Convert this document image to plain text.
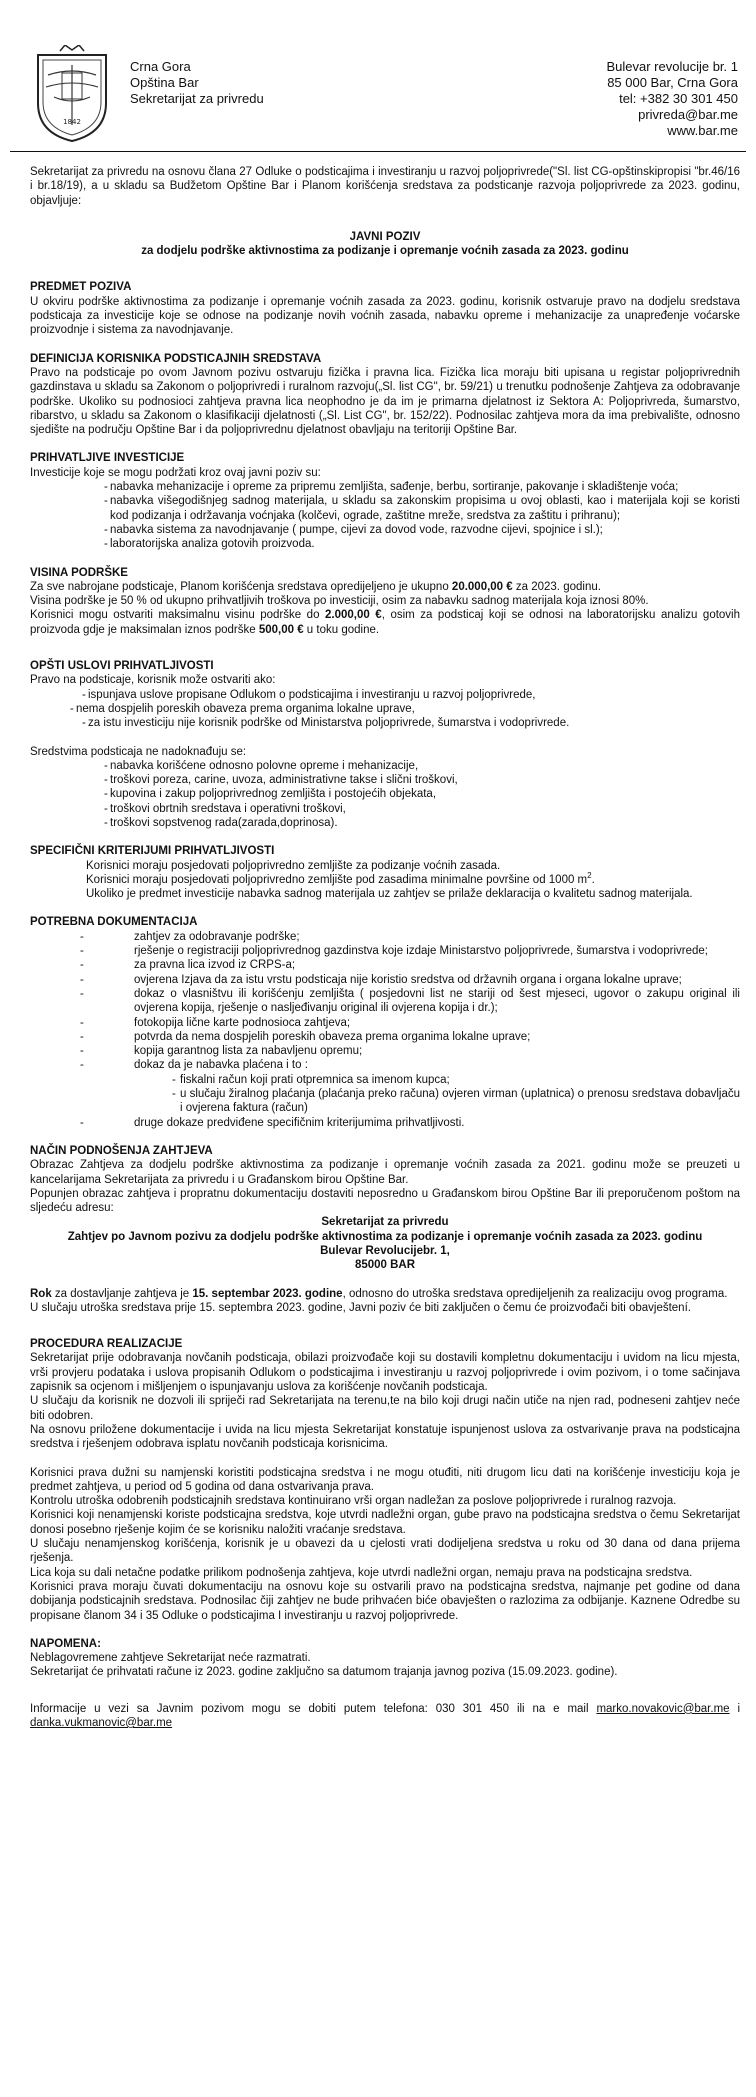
1842
Crna Gora
Opština Bar
Sekretarijat za privredu
Bulevar revolucije br. 1
85 000 Bar, Crna Gora
tel: +382 30 301 450
privreda@bar.me
www.bar.me

Sekretarijat za privredu na osnovu člana 27 Odluke o podsticajima i investiranju u razvoj poljoprivrede("Sl. list CG-opštinskipropisi "br.46/16 i br.18/19), a u skladu sa Budžetom Opštine Bar i Planom korišćenja sredstava za podsticanje razvoja poljoprivrede za 2023. godinu, objavljuje:

JAVNI POZIV

za dodjelu podrške aktivnostima za podizanje i opremanje voćnih zasada za 2023. godinu

PREDMET POZIVA

U okviru podrške aktivnostima za podizanje i opremanje voćnih zasada za 2023. godinu, korisnik ostvaruje pravo na dodjelu sredstava podsticaja za investicije koje se odnose na podizanje novih voćnih zasada, nabavku opreme i mehanizacije za unapređenje voćarske proizvodnje i sistema za navodnjavanje.

DEFINICIJA KORISNIKA PODSTICAJNIH SREDSTAVA

Pravo na podsticaje po ovom Javnom pozivu ostvaruju fizička i pravna lica. Fizička lica moraju biti upisana u registar poljoprivrednih gazdinstava u skladu sa Zakonom o poljoprivredi i ruralnom razvoju(„Sl. list CG", br. 59/21) u trenutku podnošenje Zahtjeva za odobravanje podrške. Ukoliko su podnosioci zahtjeva pravna lica neophodno je da im je primarna djelatnost iz Sektora A: Poljoprivreda, šumarstvo, ribarstvo, u skladu sa Zakonom o klasifikaciji djelatnosti („Sl. List CG", br. 152/22). Podnosilac zahtjeva mora da ima prebivalište, odnosno sjedište na području Opštine Bar i da poljoprivrednu djelatnost obavljaju na teritoriji Opštine Bar.

PRIHVATLJIVE INVESTICIJE

Investicije koje se mogu podržati kroz ovaj javni poziv su:

- nabavka mehanizacije i opreme za pripremu zemljišta, sađenje, berbu, sortiranje, pakovanje i skladištenje voća;
- nabavka višegodišnjeg sadnog materijala, u skladu sa zakonskim propisima u ovoj oblasti, kao i materijala koji se koristi kod podizanja i održavanja voćnjaka (kolčevi, ograde, zaštitne mreže, sredstva za zaštitu i prihranu);
- nabavka sistema za navodnjavanje ( pumpe, cijevi za dovod vode, razvodne cijevi, spojnice i sl.);
- laboratorijska analiza gotovih proizvoda.

VISINA PODRŠKE

Za sve nabrojane podsticaje, Planom korišćenja sredstava opredijeljeno je ukupno 20.000,00 € za 2023. godinu.

Visina podrške je 50 % od ukupno prihvatljivih troškova po investiciji, osim za nabavku sadnog materijala koja iznosi 80%.

Korisnici mogu ostvariti maksimalnu visinu podrške do 2.000,00 €, osim za podsticaj koji se odnosi na laboratorijsku analizu gotovih proizvoda gdje je maksimalan iznos podrške 500,00 € u toku godine.

OPŠTI USLOVI PRIHVATLJIVOSTI

Pravo na podsticaje, korisnik može ostvariti ako:

- ispunjava uslove propisane Odlukom o podsticajima i investiranju u razvoj poljoprivrede,
- nema dospjelih poreskih obaveza prema organima lokalne uprave,
- za istu investiciju nije korisnik podrške od Ministarstva poljoprivrede, šumarstva i vodoprivrede.

Sredstvima podsticaja ne nadoknađuju se:

- nabavka korišćene odnosno polovne opreme i mehanizacije,
- troškovi poreza, carine, uvoza, administrativne takse i slični troškovi,
- kupovina i zakup poljoprivrednog zemljišta i postojećih objekata,
- troškovi obrtnih sredstava i operativni troškovi,
- troškovi sopstvenog rada(zarada,doprinosa).

SPECIFIČNI KRITERIJUMI PRIHVATLJIVOSTI

Korisnici moraju posjedovati poljoprivredno zemljište za podizanje voćnih zasada.

Korisnici moraju posjedovati poljoprivredno zemljište pod zasadima minimalne površine od 1000 $m^2$.

Ukoliko je predmet investicije nabavka sadnog materijala uz zahtjev se prilaže deklaracija o kvalitetu sadnog materijala.

POTREBNA DOKUMENTACIJA

- zahtjev za odobravanje podrške;
- rješenje o registraciji poljoprivrednog gazdinstva koje izdaje Ministarstvo poljoprivrede, šumarstva i vodoprivrede;
- za pravna lica izvod iz CRPS-a;
- ovjerena Izjava da za istu vrstu podsticaja nije koristio sredstva od državnih organa i organa lokalne uprave;
- dokaz o vlasništvu ili korišćenju zemljišta ( posjedovni list ne stariji od šest mjeseci, ugovor o zakupu original ili ovjerena kopija, rješenje o nasljeđivanju original ili ovjerena kopija i dr.);
- fotokopija lične karte podnosioca zahtjeva;
- potvrda da nema dospjelih poreskih obaveza prema organima lokalne uprave;
- kopija garantnog lista za nabavljenu opremu;
- dokaz da je nabavka plaćena i to :
- fiskalni račun koji prati otpremnica sa imenom kupca;
- u slučaju žiralnog plaćanja (plaćanja preko računa) ovjeren virman (uplatnica) o prenosu sredstava dobavljaču i ovjerena faktura (račun)
- druge dokaze predviđene specifičnim kriterijumima prihvatljivosti.

NAČIN PODNOŠENJA ZAHTJEVA

Obrazac Zahtjeva za dodjelu podrške aktivnostima za podizanje i opremanje voćnih zasada za 2021. godinu može se preuzeti u kancelarijama Sekretarijata za privredu i u Građanskom birou Opštine Bar.

Popunjen obrazac zahtjeva i propratnu dokumentaciju dostaviti neposredno u Građanskom birou Opštine Bar ili preporučenom poštom na sljedeću adresu:

Sekretarijat za privredu

Zahtjev po Javnom pozivu za dodjelu podrške aktivnostima za podizanje i opremanje voćnih zasada za 2023. godinu

Bulevar Revolucijebr. 1,

85000 BAR

Rok za dostavljanje zahtjeva je 15. septembar 2023. godine, odnosno do utroška sredstava opredijeljenih za realizaciju ovog programa.

U slučaju utroška sredstava prije 15. septembra 2023. godine, Javni poziv će biti zaključen o čemu će proizvođači biti obavještení.

PROCEDURA REALIZACIJE

Sekretarijat prije odobravanja novčanih podsticaja, obilazi proizvođače koji su dostavili kompletnu dokumentaciju i uvidom na licu mjesta, vrši provjeru podataka i uslova propisanih Odlukom o podsticajima i investiranju u razvoj poljoprivrede i ovim pozivom, i o tome sačinjava zapisnik sa ocjenom i mišljenjem o ispunjavanju uslova za korišćenje novčanih podsticaja.

U slučaju da korisnik ne dozvoli ili spriječi rad Sekretarijata na terenu,te na bilo koji drugi način utiče na njen rad, podneseni zahtjev neće biti odobren.

Na osnovu priložene dokumentacije i uvida na licu mjesta Sekretarijat konstatuje ispunjenost uslova za ostvarivanje prava na podsticajna sredstva i rješenjem odobrava isplatu novčanih podsticaja korisnicima.

Korisnici prava dužni su namjenski koristiti podsticajna sredstva i ne mogu otuđiti, niti drugom licu dati na korišćenje investiciju koja je predmet zahtjeva, u period od 5 godina od dana ostvarivanja prava.

Kontrolu utroška odobrenih podsticajnih sredstava kontinuirano vrši organ nadležan za poslove poljoprivrede i ruralnog razvoja.

Korisnici koji nenamjenski koriste podsticajna sredstva, koje utvrdi nadležni organ, gube pravo na podsticajna sredstva o čemu Sekretarijat donosi posebno rješenje kojim će se korisniku naložiti vraćanje sredstava.

U slučaju nenamjenskog korišćenja, korisnik je u obavezi da u cjelosti vrati dodijeljena sredstva u roku od 30 dana od dana prijema rješenja.

Lica koja su dali netačne podatke prilikom podnošenja zahtjeva, koje utvrdi nadležni organ, nemaju prava na podsticajna sredstva.

Korisnici prava moraju čuvati dokumentaciju na osnovu koje su ostvarili pravo na podsticajna sredstva, najmanje pet godine od dana dobijanja podsticajnih sredstava. Podnosilac čiji zahtjev ne bude prihvaćen biće obavješten o razlozima za odbijanje. Kaznene Odredbe su propisane članom 34 i 35 Odluke o podsticajima I investiranju u razvoj poljoprivrede.

NAPOMENA:

Neblagovremene zahtjeve Sekretarijat neće razmatrati.

Sekretarijat će prihvatati račune iz 2023. godine zaključno sa datumom trajanja javnog poziva (15.09.2023. godine).

Informacije u vezi sa Javnim pozivom mogu se dobiti putem telefona: 030 301 450 ili na e mail marko.novakovic@bar.me i danka.vukmanovic@bar.me
